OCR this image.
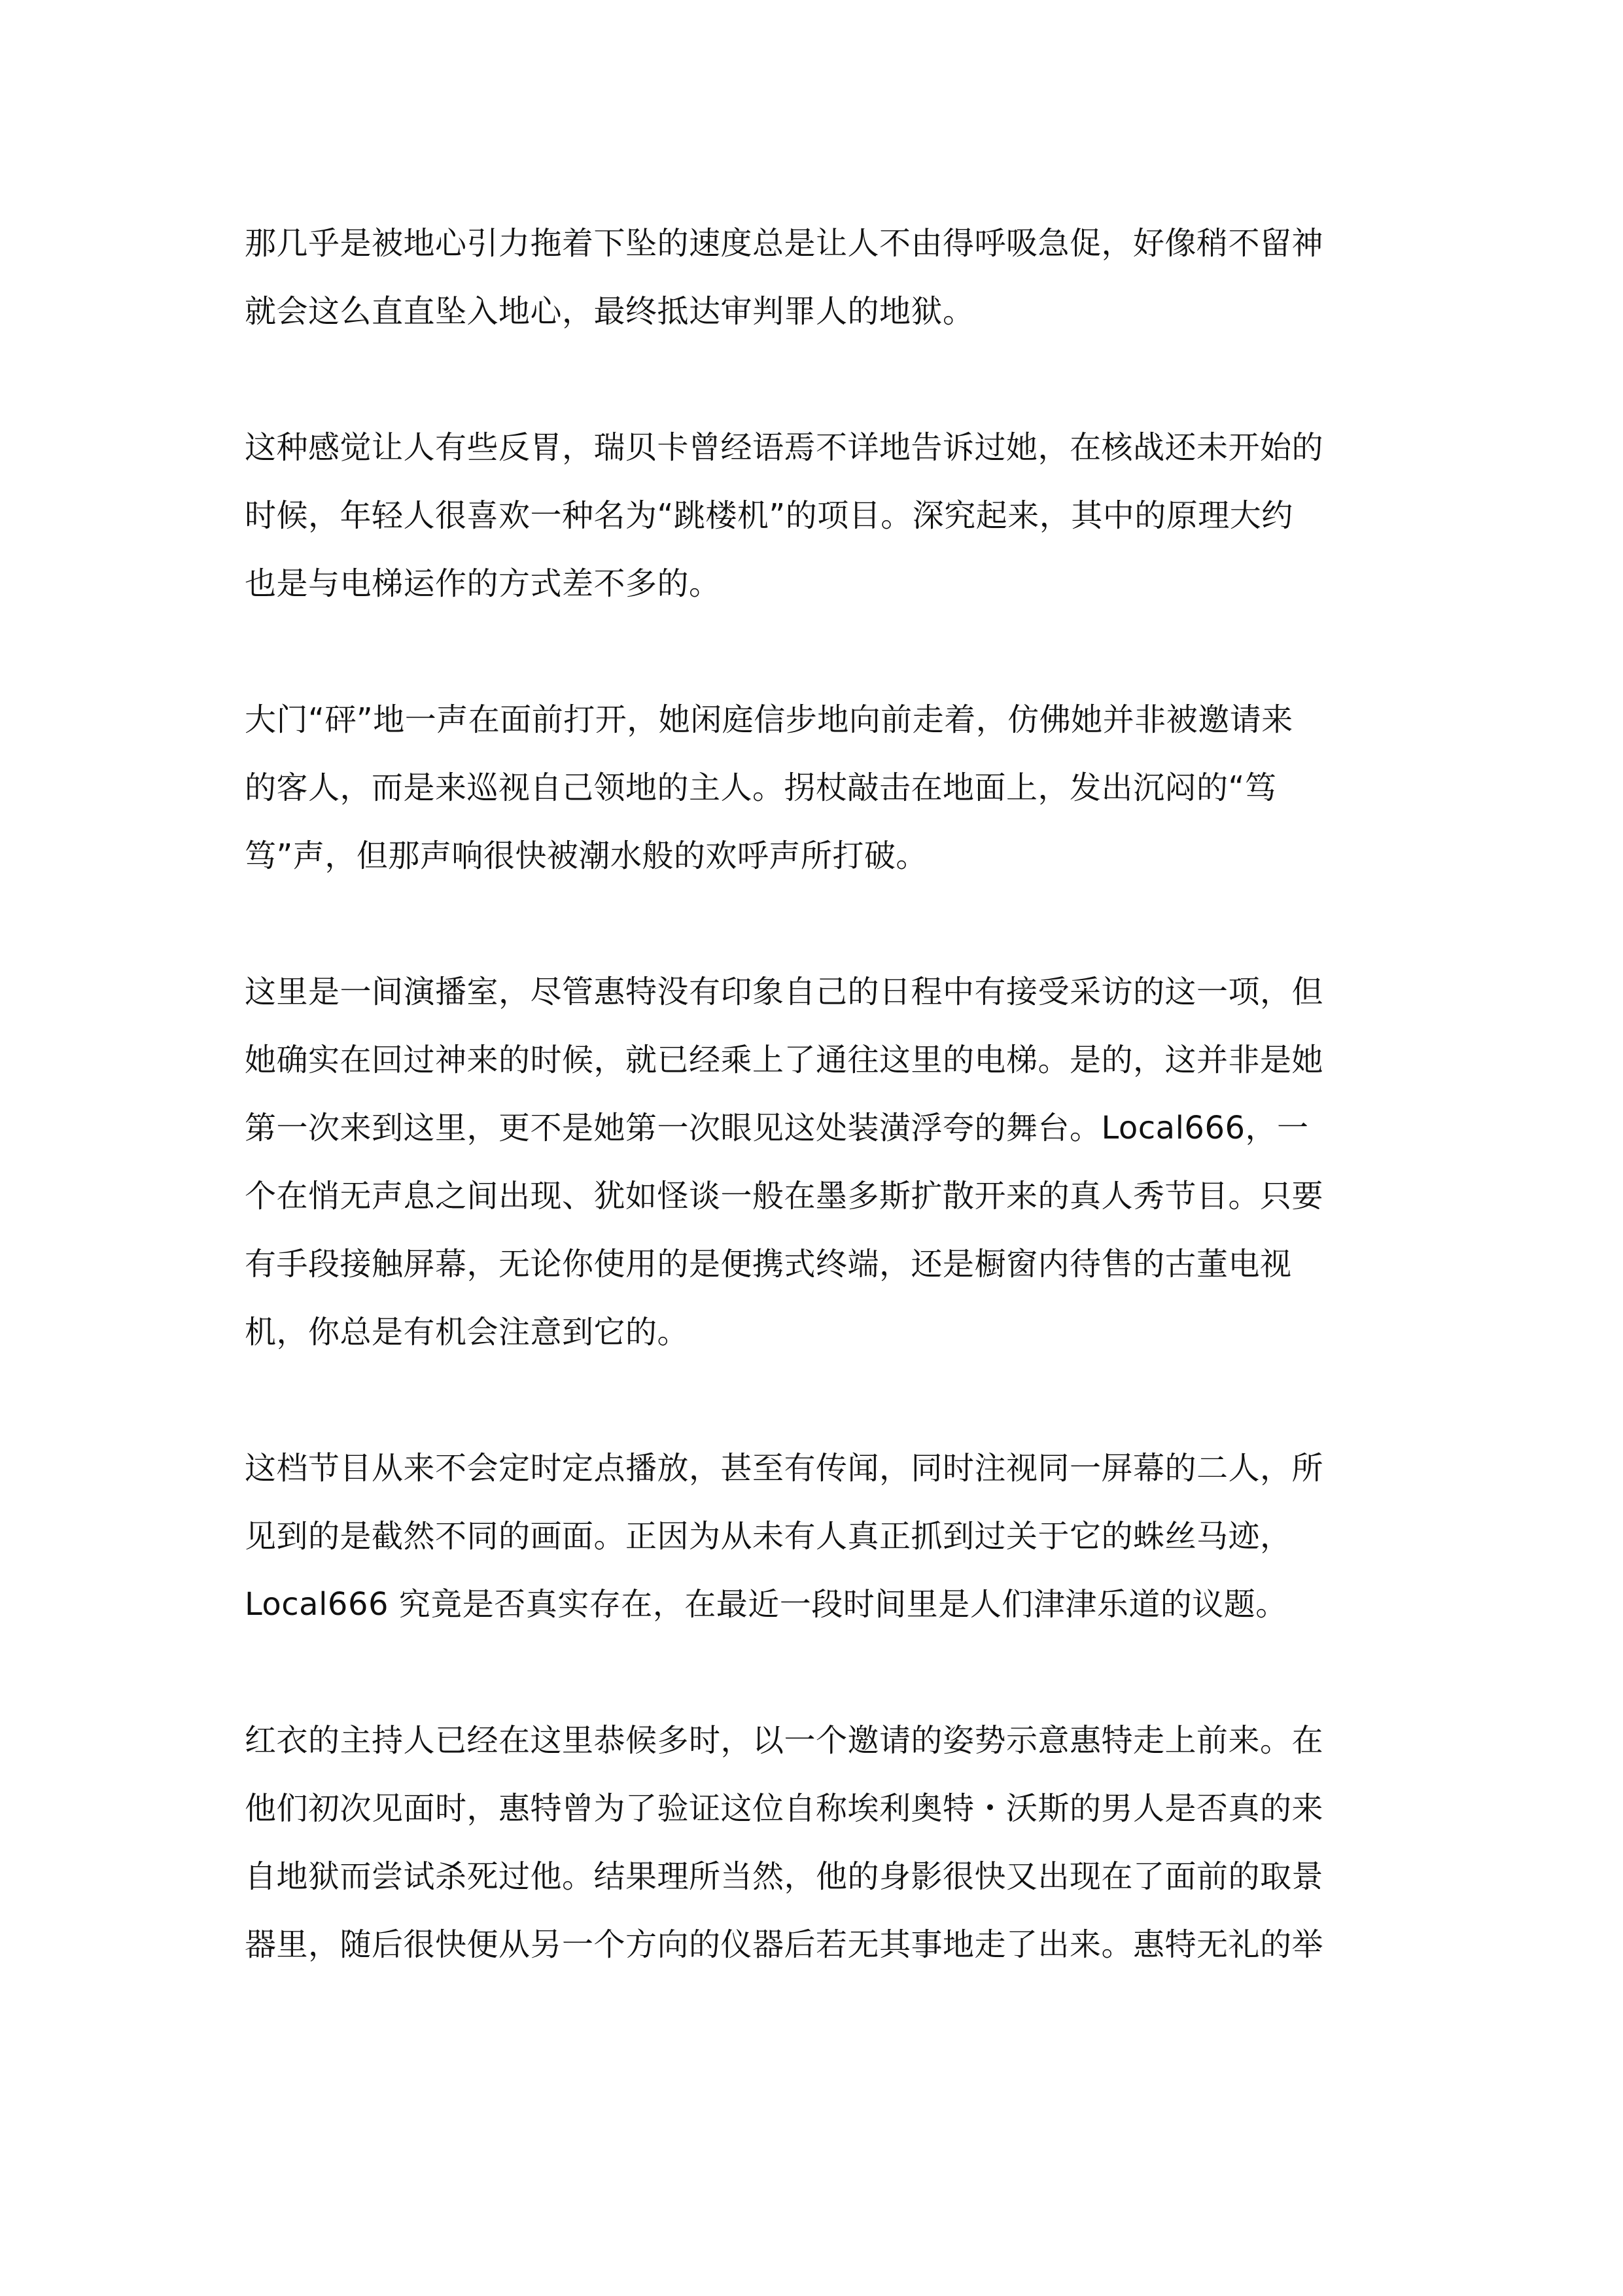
那几乎是被地心引力拖着下坠的速度总是让人不由得呼吸急促，好像稍不留神
就会这么直直坠入地心，最终抵达审判罪人的地狱。
这种感觉让人有些反胃，瑞贝卡曾经语焉不详地告诉过她，在核战还未开始的
时候，年轻人很喜欢一种名为“跳楼机”的项目。深究起来，其中的原理大约
也是与电梯运作的方式差不多的。
大门“砰”地一声在面前打开，她闲庭信步地向前走着，仿佛她并非被邀请来
的客人，而是来巡视自己领地的主人。拐杖敲击在地面上，发出沉闷的“笃
笃”声，但那声响很快被潮水般的欢呼声所打破。
这里是一间演播室，尽管惠特没有印象自己的日程中有接受采访的这一项，但
她确实在回过神来的时候，就已经乘上了通往这里的电梯。是的，这并非是她
第一次来到这里，更不是她第一次眼见这处装潢浮夸的舞台。Local666，一
个在悄无声息之间出现、犹如怪谈一般在墨多斯扩散开来的真人秀节目。只要
有手段接触屏幕，无论你使用的是便携式终端，还是橱窗内待售的古董电视
机，你总是有机会注意到它的。
这档节目从来不会定时定点播放，甚至有传闻，同时注视同一屏幕的二人，所
见到的是截然不同的画面。正因为从未有人真正抓到过关于它的蛛丝马迹，
Local666 究竟是否真实存在，在最近一段时间里是人们津津乐道的议题。
红衣的主持人已经在这里恭候多时，以一个邀请的姿势示意惠特走上前来。在
他们初次见面时，惠特曾为了验证这位自称埃利奥特・沃斯的男人是否真的来
自地狱而尝试杀死过他。结果理所当然，他的身影很快又出现在了面前的取景
器里，随后很快便从另一个方向的仪器后若无其事地走了出来。惠特无礼的举
